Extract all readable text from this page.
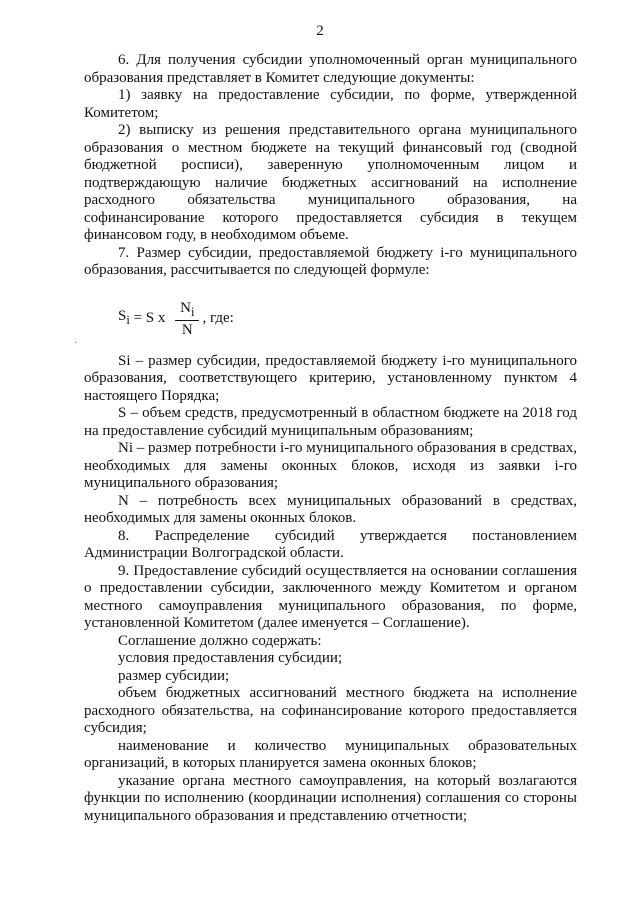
2

6. Для получения субсидии уполномоченный орган муниципального образования представляет в Комитет следующие документы:

1) заявку на предоставление субсидии, по форме, утвержденной Комитетом;

2) выписку из решения представительного органа муниципального образования о местном бюджете на текущий финансовый год (сводной бюджетной росписи), заверенную уполномоченным лицом и подтверждающую наличие бюджетных ассигнований на исполнение расходного обязательства муниципального образования, на софинансирование которого предоставляется субсидия в текущем финансовом году, в необходимом объеме.

7. Размер субсидии, предоставляемой бюджету i-го муниципального образования, рассчитывается по следующей формуле:

$S_i = S$ x $\frac{N_i}{N}$ , где:

Si – размер субсидии, предоставляемой бюджету i-го муниципального образования, соответствующего критерию, установленному пунктом 4 настоящего Порядка;

S – объем средств, предусмотренный в областном бюджете на 2018 год на предоставление субсидий муниципальным образованиям;

Ni – размер потребности i-го муниципального образования в средствах, необходимых для замены оконных блоков, исходя из заявки i-го муниципального образования;

N – потребность всех муниципальных образований в средствах, необходимых для замены оконных блоков.

8. Распределение субсидий утверждается постановлением Администрации Волгоградской области.

9. Предоставление субсидий осуществляется на основании соглашения о предоставлении субсидии, заключенного между Комитетом и органом местного самоуправления муниципального образования, по форме, установленной Комитетом (далее именуется – Соглашение).

Соглашение должно содержать:

условия предоставления субсидии;

размер субсидии;

объем бюджетных ассигнований местного бюджета на исполнение расходного обязательства, на софинансирование которого предоставляется субсидия;

наименование и количество муниципальных образовательных организаций, в которых планируется замена оконных блоков;

указание органа местного самоуправления, на который возлагаются функции по исполнению (координации исполнения) соглашения со стороны муниципального образования и представлению отчетности;

·
